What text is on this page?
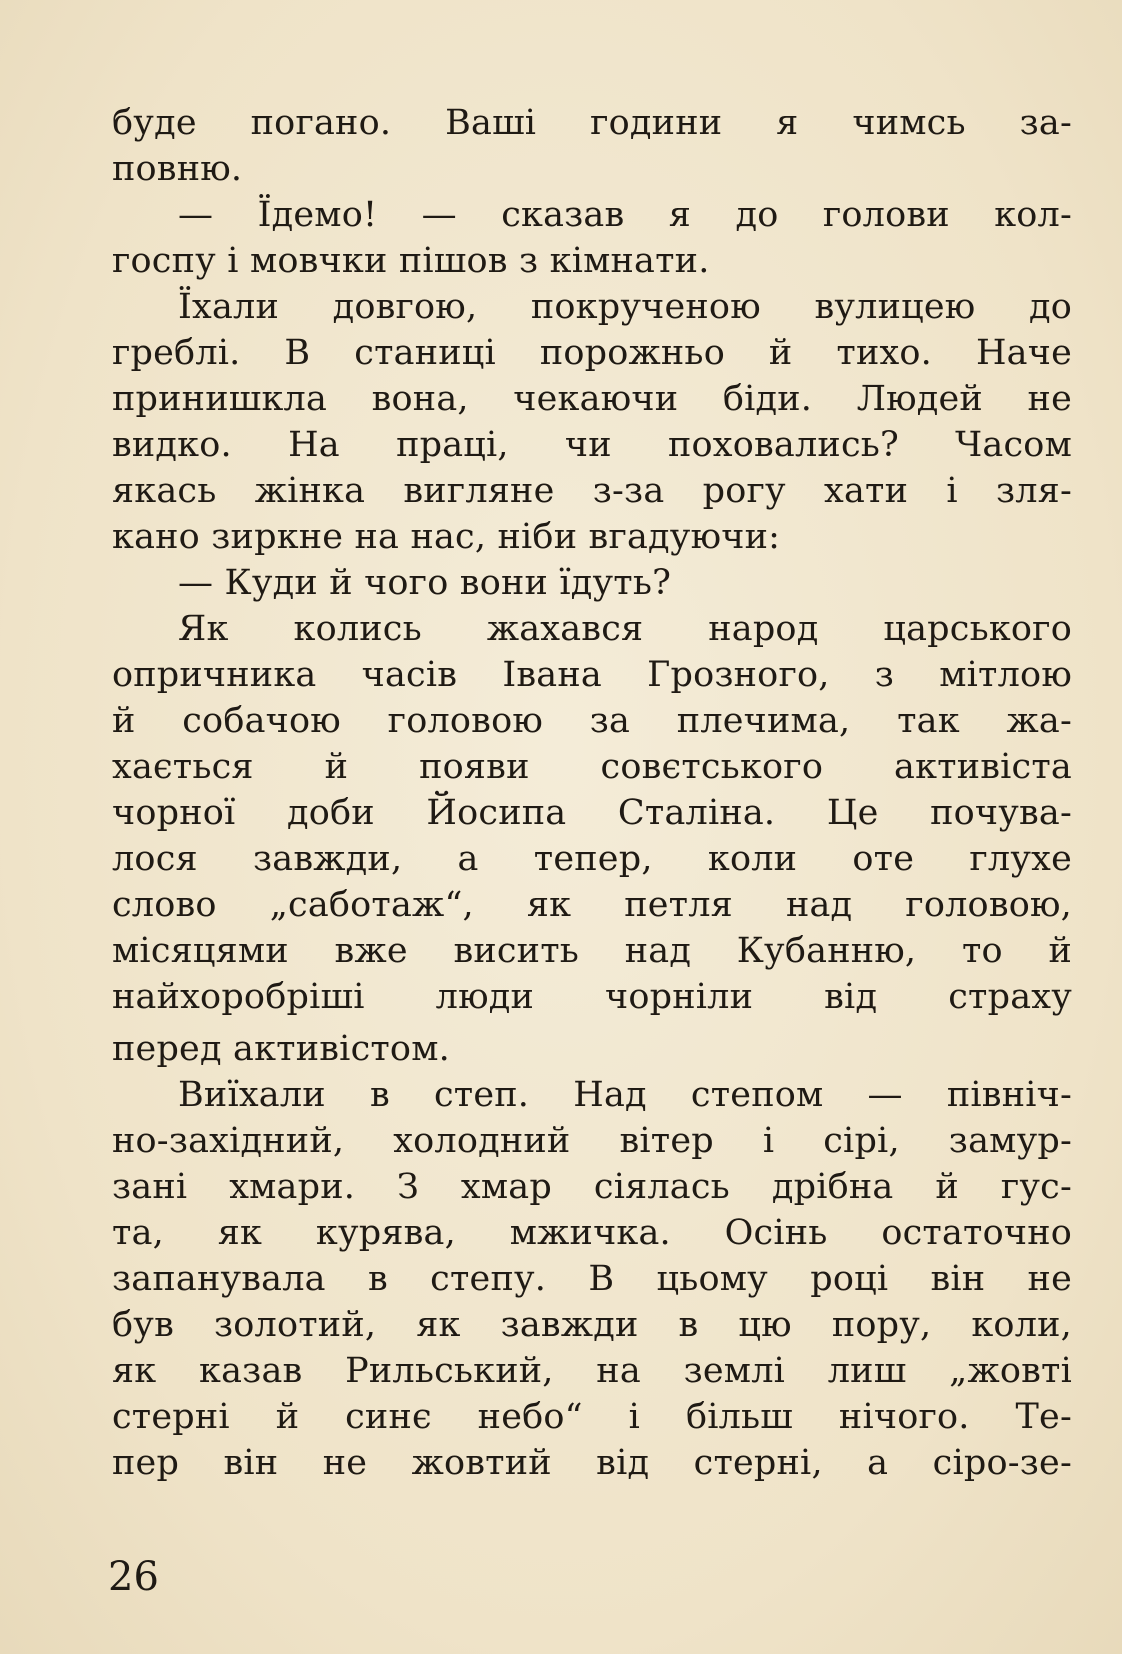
буде погано. Ваші години я чимсь за-
повню.
— Їдемо! — сказав я до голови кол-
госпу і мовчки пішов з кімнати.
Їхали довгою, покрученою вулицею до
греблі. В станиці порожньо й тихо. Наче
принишкла вона, чекаючи біди. Людей не
видко. На праці, чи поховались? Часом
якась жінка вигляне з-за рогу хати і зля-
кано зиркне на нас, ніби вгадуючи:
— Куди й чого вони їдуть?
Як колись жахався народ царського
опричника часів Івана Грозного, з мітлою
й собачою головою за плечима, так жа-
хається й появи совєтського активіста
чорної доби Йосипа Сталіна. Це почува-
лося завжди, а тепер, коли оте глухе
слово „саботаж“, як петля над головою,
місяцями вже висить над Кубанню, то й
найхоробріші люди чорніли від страху
перед активістом.
Виїхали в степ. Над степом — північ-
но-західний, холодний вітер і сірі, замур-
зані хмари. З хмар сіялась дрібна й гус-
та, як курява, мжичка. Осінь остаточно
запанувала в степу. В цьому році він не
був золотий, як завжди в цю пору, коли,
як казав Рильський, на землі лиш „жовті
стерні й синє небо“ і більш нічого. Те-
пер він не жовтий від стерні, а сіро-зе-
26
